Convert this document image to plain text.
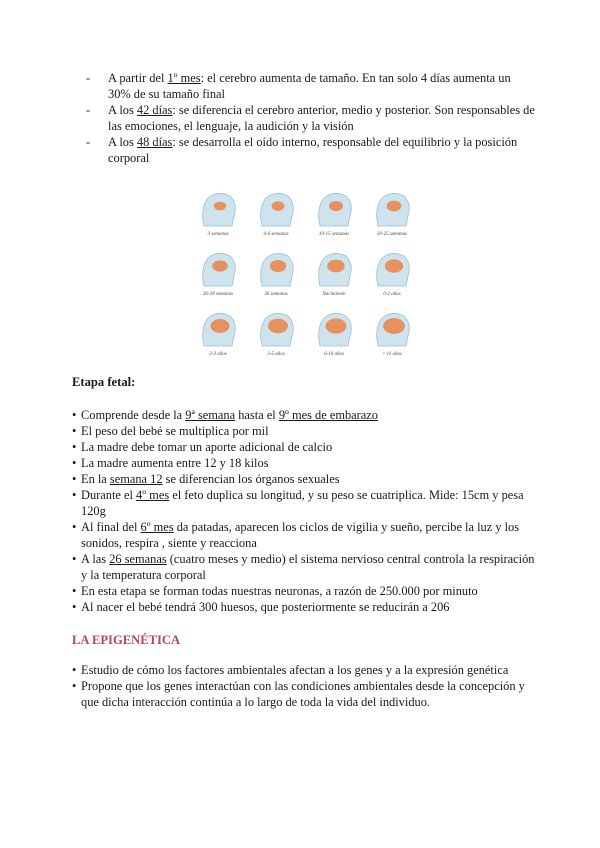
- A partir del 1º mes: el cerebro aumenta de tamaño. En tan solo 4 días aumenta un 30% de su tamaño final
- A los 42 días: se diferencia el cerebro anterior, medio y posterior. Son responsables de las emociones, el lenguaje, la audición y la visión
- A los 48 días: se desarrolla el oído interno, responsable del equilibrio y la posición corporal
3 semanas	4-6 semanas	10-15 semanas	20-25 semanas
26-28 semanas	36 semanas	Nacimiento	0-2 años
2-3 años	3-5 años	6-10 años	> 11 años
Etapa fetal:
• Comprende desde la 9ª semana hasta el 9º mes de embarazo
• El peso del bebé se multiplica por mil
• La madre debe tomar un aporte adicional de calcio
• La madre aumenta entre 12 y 18 kilos
• En la semana 12 se diferencian los órganos sexuales
• Durante el 4º mes el feto duplica su longitud, y su peso se cuatriplica. Mide: 15cm y pesa 120g
• Al final del 6º mes da patadas, aparecen los ciclos de vigilia y sueño, percibe la luz y los sonidos, respira , siente y reacciona
• A las 26 semanas (cuatro meses y medio) el sistema nervioso central controla la respiración y la temperatura corporal
• En esta etapa se forman todas nuestras neuronas, a razón de 250.000 por minuto
• Al nacer el bebé tendrá 300 huesos, que posteriormente se reducirán a 206
LA EPIGENÉTICA
• Estudio de cómo los factores ambientales afectan a los genes y a la expresión genética
• Propone que los genes interactúan con las condiciones ambientales desde la concepción y que dicha interacción continúa a lo largo de toda la vida del individuo.
